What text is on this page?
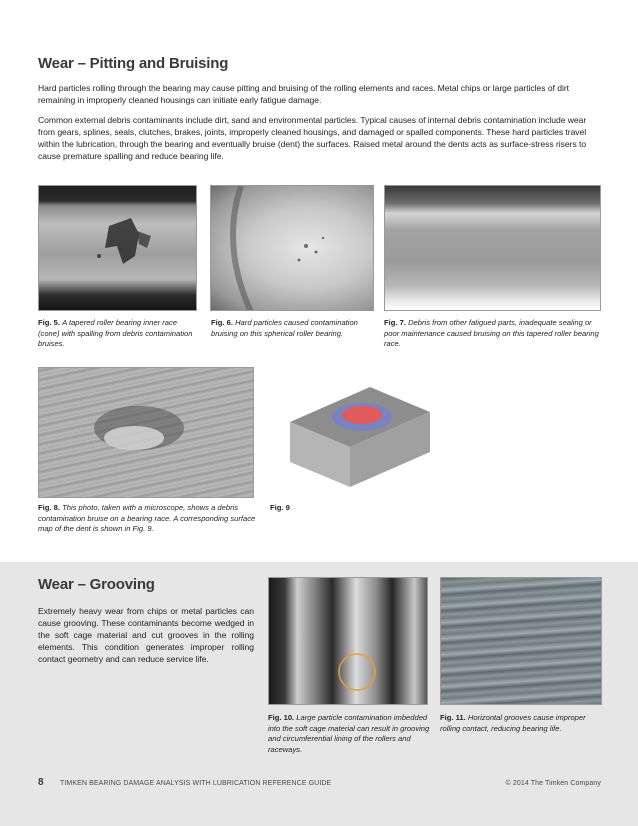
Wear – Pitting and Bruising

Hard particles rolling through the bearing may cause pitting and bruising of the rolling elements and races. Metal chips or large particles of dirt remaining in improperly cleaned housings can initiate early fatigue damage.

Common external debris contaminants include dirt, sand and environmental particles. Typical causes of internal debris contamination include wear from gears, splines, seals, clutches, brakes, joints, improperly cleaned housings, and damaged or spalled components. These hard particles travel within the lubrication, through the bearing and eventually bruise (dent) the surfaces. Raised metal around the dents acts as surface-stress risers to cause premature spalling and reduce bearing life.

Fig. 5. A tapered roller bearing inner race (cone) with spalling from debris contamination bruises.

Fig. 6. Hard particles caused contamination bruising on this spherical roller bearing.

Fig. 7. Debris from other fatigued parts, inadequate sealing or poor maintenance caused bruising on this tapered roller bearing race.

Fig. 8. This photo, taken with a microscope, shows a debris contamination bruise on a bearing race. A corresponding surface map of the dent is shown in Fig. 9.

Fig. 9

Wear – Grooving

Extremely heavy wear from chips or metal particles can cause grooving. These contaminants become wedged in the soft cage material and cut grooves in the rolling elements. This condition generates improper rolling contact geometry and can reduce service life.

Fig. 10. Large particle contamination imbedded into the soft cage material can result in grooving and circumferential lining of the rollers and raceways.

Fig. 11. Horizontal grooves cause improper rolling contact, reducing bearing life.

8 TIMKEN BEARING DAMAGE ANALYSIS WITH LUBRICATION REFERENCE GUIDE	© 2014 The Timken Company
